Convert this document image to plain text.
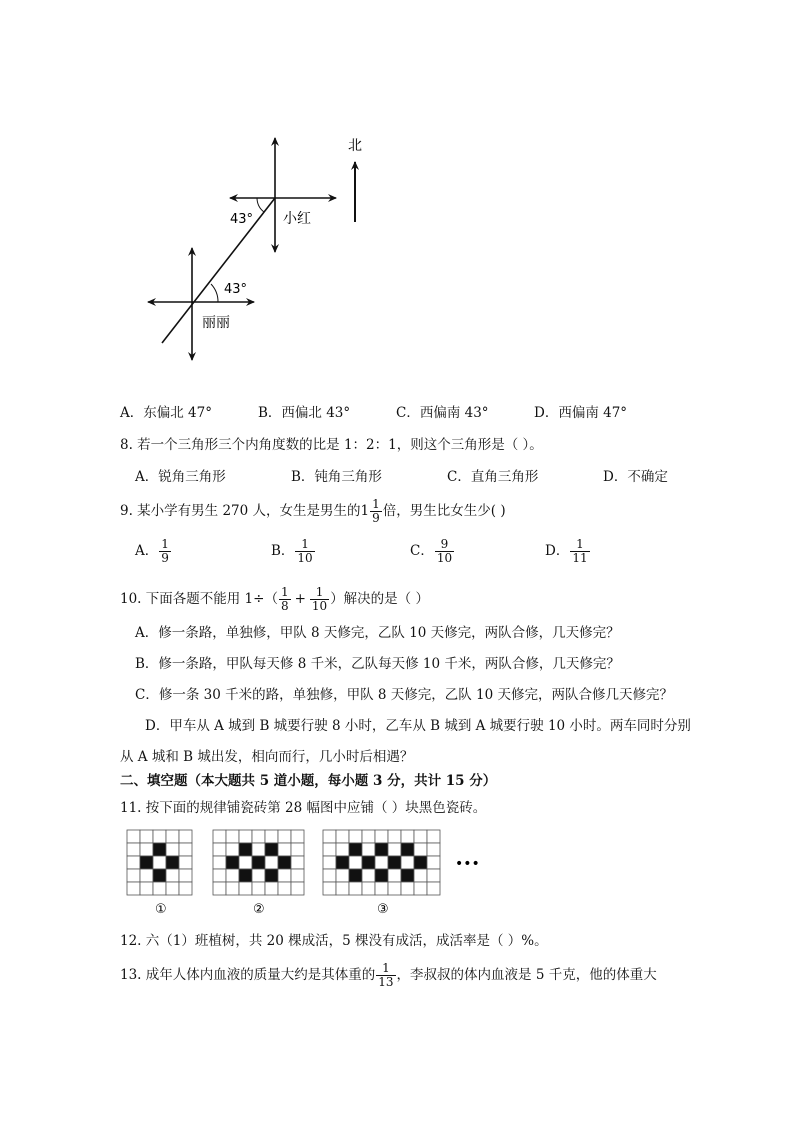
北
43°
43°
小红
丽丽
A．东偏北 47°	B．西偏北 43°	C．西偏南 43°	D．西偏南 47°
8. 若一个三角形三个内角度数的比是 1：2：1，则这个三角形是（ ）。
A．锐角三角形	B．钝角三角形	C．直角三角形	D．不确定
9. 某小学有男生 270 人，女生是男生的$1 \frac{1}{9}$ 倍，男生比女生少( )
A． $\frac{1}{9}$	B． $\frac{1}{10}$	C． $\frac{9}{10}$	D． $\frac{1}{11}$
10. 下面各题不能用 $1\div( \frac{1}{8} + \frac{1}{10}$ ）解决的是（ ）
A．修一条路，单独修，甲队 8 天修完，乙队 10 天修完，两队合修，几天修完？
B．修一条路，甲队每天修 8 千米，乙队每天修 10 千米，两队合修，几天修完？
C．修一条 30 千米的路，单独修，甲队 8 天修完，乙队 10 天修完，两队合修几天修完？
D．甲车从 A 城到 B 城要行驶 8 小时，乙车从 B 城到 A 城要行驶 10 小时。两车同时分别
从 A 城和 B 城出发，相向而行，几小时后相遇？
二、填空题（本大题共 5 道小题，每小题 3 分，共计 15 分）
11. 按下面的规律铺瓷砖第 28 幅图中应铺（ ）块黑色瓷砖。
①	②	③
•••
12. 六（1）班植树，共 20 棵成活，5 棵没有成活，成活率是（ ）%。
13. 成年人体内血液的质量大约是其体重的 $\frac{1}{13}$ ，李叔叔的体内血液是 5 千克，他的体重大
